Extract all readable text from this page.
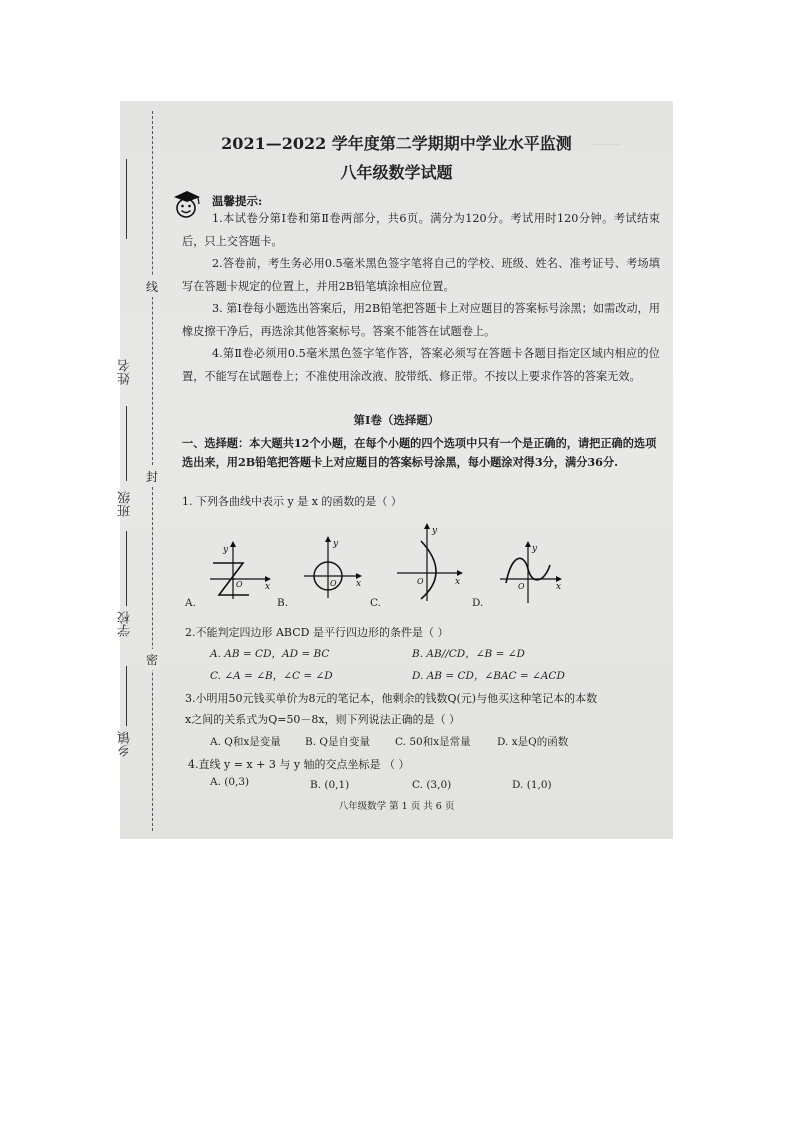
姓名
班级
学校
乡镇
线
封
密
———
2021—2022 学年度第二学期期中学业水平监测
八年级数学试题
温馨提示:
1.本试卷分第Ⅰ卷和第Ⅱ卷两部分，共6页。满分为120分。考试用时120分钟。考试结束后，只上交答题卡。
2.答卷前，考生务必用0.5毫米黑色签字笔将自己的学校、班级、姓名、准考证号、考场填写在答题卡规定的位置上，并用2B铅笔填涂相应位置。
3. 第Ⅰ卷每小题选出答案后，用2B铅笔把答题卡上对应题目的答案标号涂黑；如需改动，用橡皮擦干净后，再选涂其他答案标号。答案不能答在试题卷上。
4.第Ⅱ卷必须用0.5毫米黑色签字笔作答，答案必须写在答题卡各题目指定区域内相应的位置，不能写在试题卷上；不准使用涂改液、胶带纸、修正带。不按以上要求作答的答案无效。
第Ⅰ卷（选择题）
一、选择题：本大题共12个小题，在每个小题的四个选项中只有一个是正确的，请把正确的选项选出来，用2B铅笔把答题卡上对应题目的答案标号涂黑，每小题涂对得3分，满分36分.
1. 下列各曲线中表示 y 是 x 的函数的是（ ）
y
x
O
y
x
O
y
x
O
y
x
O
A.	B.	C.	D.
2.不能判定四边形 ABCD 是平行四边形的条件是（ ）
A. AB = CD，AD = BC	B. AB//CD，∠B = ∠D
C. ∠A = ∠B，∠C = ∠D	D. AB = CD，∠BAC = ∠ACD
3.小明用50元钱买单价为8元的笔记本，他剩余的钱数Q(元)与他买这种笔记本的本数
x之间的关系式为Q=50－8x，则下列说法正确的是（ ）
A. Q和x是变量 B. Q是自变量 C. 50和x是常量	D. x是Q的函数
4.直线 y = x + 3 与 y 轴的交点坐标是 （ ）
A. (0,3)	B. (0,1)	C. (3,0)	D. (1,0)
八年级数学 第 1 页 共 6 页
